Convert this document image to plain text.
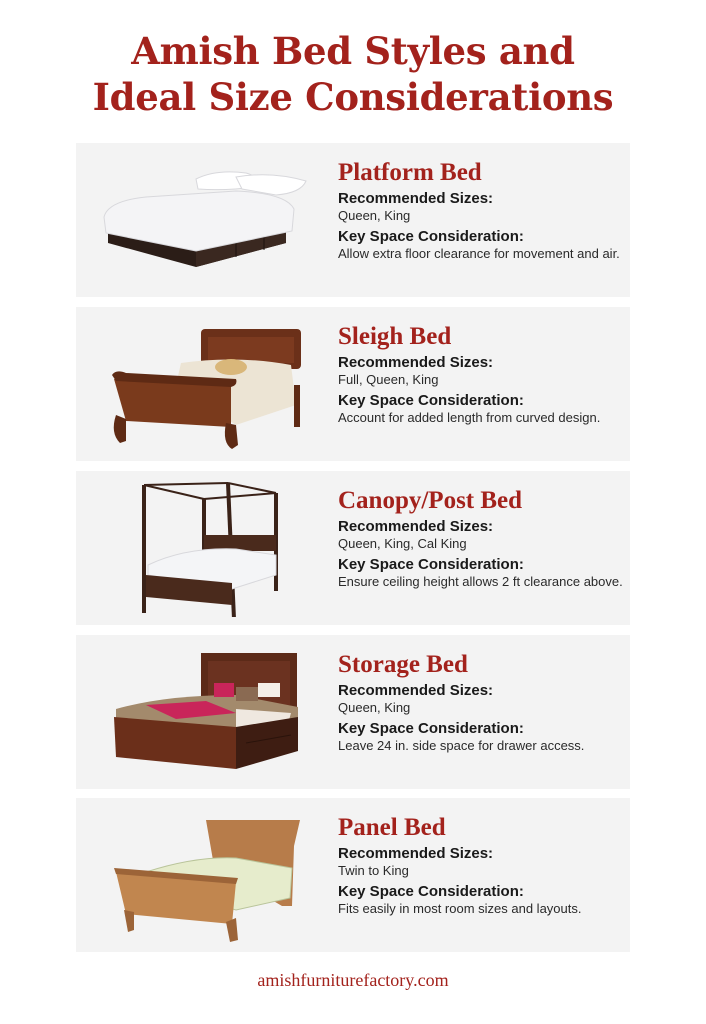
Amish Bed Styles and
Ideal Size Considerations
Platform Bed
Recommended Sizes:
Queen, King
Key Space Consideration:
Allow extra floor clearance for movement and air.
Sleigh Bed
Recommended Sizes:
Full, Queen, King
Key Space Consideration:
Account for added length from curved design.
Canopy/Post Bed
Recommended Sizes:
Queen, King, Cal King
Key Space Consideration:
Ensure ceiling height allows 2 ft clearance above.
Storage Bed
Recommended Sizes:
Queen, King
Key Space Consideration:
Leave 24 in. side space for drawer access.
Panel Bed
Recommended Sizes:
Twin to King
Key Space Consideration:
Fits easily in most room sizes and layouts.
amishfurniturefactory.com
